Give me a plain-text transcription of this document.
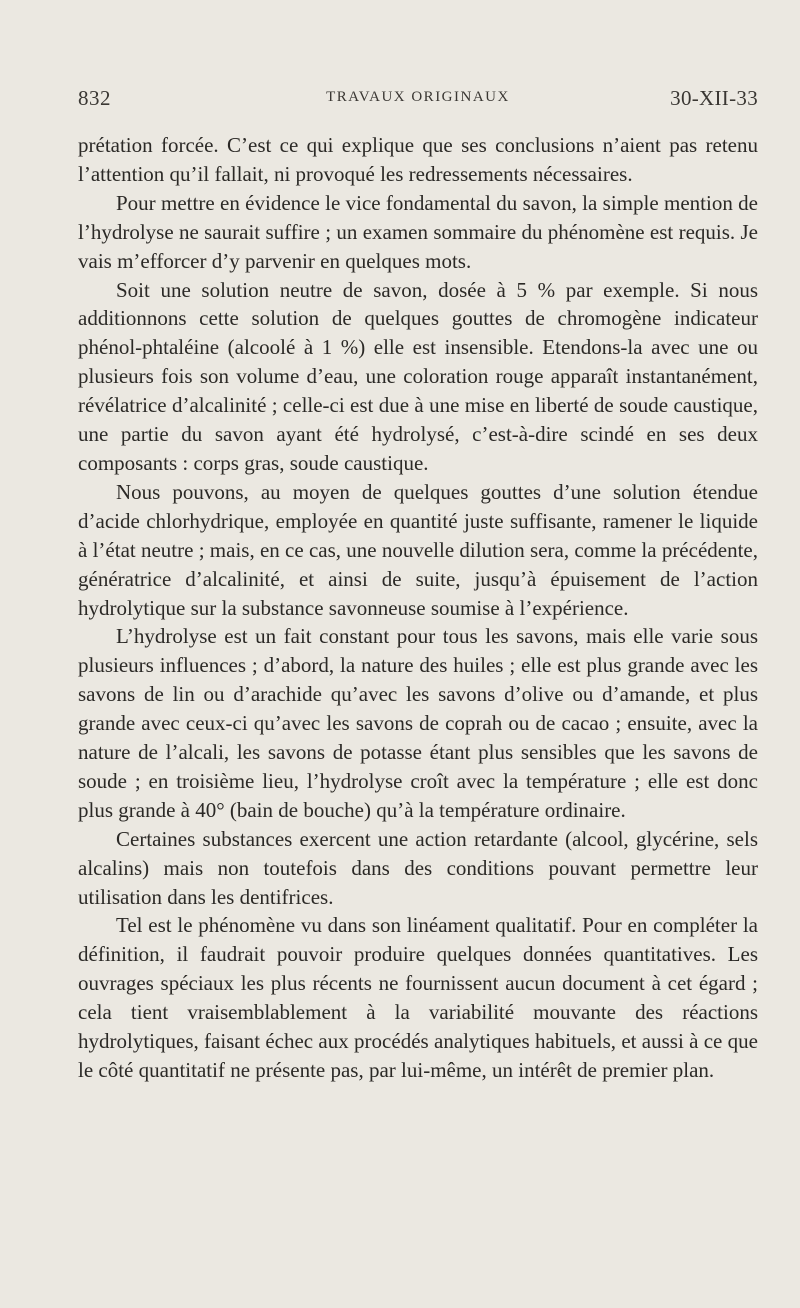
832	TRAVAUX ORIGINAUX	30-XII-33

prétation forcée. C’est ce qui explique que ses conclusions n’aient pas retenu l’attention qu’il fallait, ni provoqué les redressements nécessaires.

Pour mettre en évidence le vice fondamental du savon, la simple mention de l’hydrolyse ne saurait suffire ; un examen sommaire du phénomène est requis. Je vais m’efforcer d’y parvenir en quelques mots.

Soit une solution neutre de savon, dosée à 5 % par exemple. Si nous additionnons cette solution de quelques gouttes de chromogène indicateur phénol-phtaléine (alcoolé à 1 %) elle est insensible. Etendons-la avec une ou plusieurs fois son volume d’eau, une coloration rouge apparaît instantanément, révélatrice d’alcalinité ; celle-ci est due à une mise en liberté de soude caustique, une partie du savon ayant été hydrolysé, c’est-à-dire scindé en ses deux composants : corps gras, soude caustique.

Nous pouvons, au moyen de quelques gouttes d’une solution étendue d’acide chlorhydrique, employée en quantité juste suffisante, ramener le liquide à l’état neutre ; mais, en ce cas, une nouvelle dilution sera, comme la précédente, génératrice d’alcalinité, et ainsi de suite, jusqu’à épuisement de l’action hydrolytique sur la substance savonneuse soumise à l’expérience.

L’hydrolyse est un fait constant pour tous les savons, mais elle varie sous plusieurs influences ; d’abord, la nature des huiles ; elle est plus grande avec les savons de lin ou d’arachide qu’avec les savons d’olive ou d’amande, et plus grande avec ceux-ci qu’avec les savons de coprah ou de cacao ; ensuite, avec la nature de l’alcali, les savons de potasse étant plus sensibles que les savons de soude ; en troisième lieu, l’hydrolyse croît avec la température ; elle est donc plus grande à 40° (bain de bouche) qu’à la température ordinaire.

Certaines substances exercent une action retardante (alcool, glycérine, sels alcalins) mais non toutefois dans des conditions pouvant permettre leur utilisation dans les dentifrices.

Tel est le phénomène vu dans son linéament qualitatif. Pour en compléter la définition, il faudrait pouvoir produire quelques données quantitatives. Les ouvrages spéciaux les plus récents ne fournissent aucun document à cet égard ; cela tient vraisemblablement à la variabilité mouvante des réactions hydrolytiques, faisant échec aux procédés analytiques habituels, et aussi à ce que le côté quantitatif ne présente pas, par lui-même, un intérêt de premier plan.
